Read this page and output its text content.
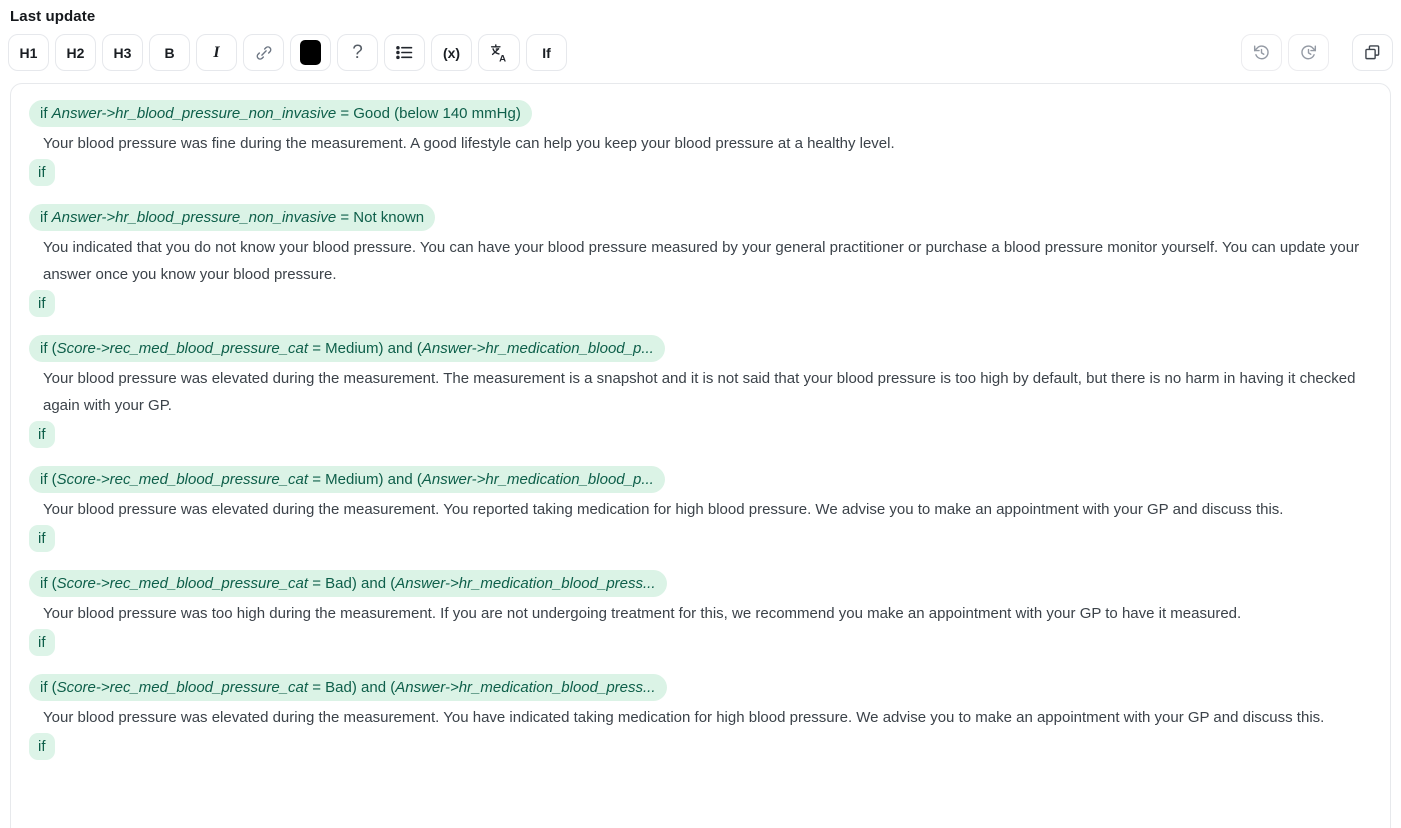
Last update
H1 H2 H3 B I	?	(x)	A	If
if Answer->hr_blood_pressure_non_invasive = Good (below 140 mmHg)
Your blood pressure was fine during the measurement. A good lifestyle can help you keep your blood pressure at a healthy level.
if
if Answer->hr_blood_pressure_non_invasive = Not known
You indicated that you do not know your blood pressure. You can have your blood pressure measured by your general practitioner or purchase a blood pressure monitor yourself. You can update your answer once you know your blood pressure.
if
if (Score->rec_med_blood_pressure_cat = Medium) and (Answer->hr_medication_blood_p...
Your blood pressure was elevated during the measurement. The measurement is a snapshot and it is not said that your blood pressure is too high by default, but there is no harm in having it checked again with your GP.
if
if (Score->rec_med_blood_pressure_cat = Medium) and (Answer->hr_medication_blood_p...
Your blood pressure was elevated during the measurement. You reported taking medication for high blood pressure. We advise you to make an appointment with your GP and discuss this.
if
if (Score->rec_med_blood_pressure_cat = Bad) and (Answer->hr_medication_blood_press...
Your blood pressure was too high during the measurement. If you are not undergoing treatment for this, we recommend you make an appointment with your GP to have it measured.
if
if (Score->rec_med_blood_pressure_cat = Bad) and (Answer->hr_medication_blood_press...
Your blood pressure was elevated during the measurement. You have indicated taking medication for high blood pressure. We advise you to make an appointment with your GP and discuss this.
if
